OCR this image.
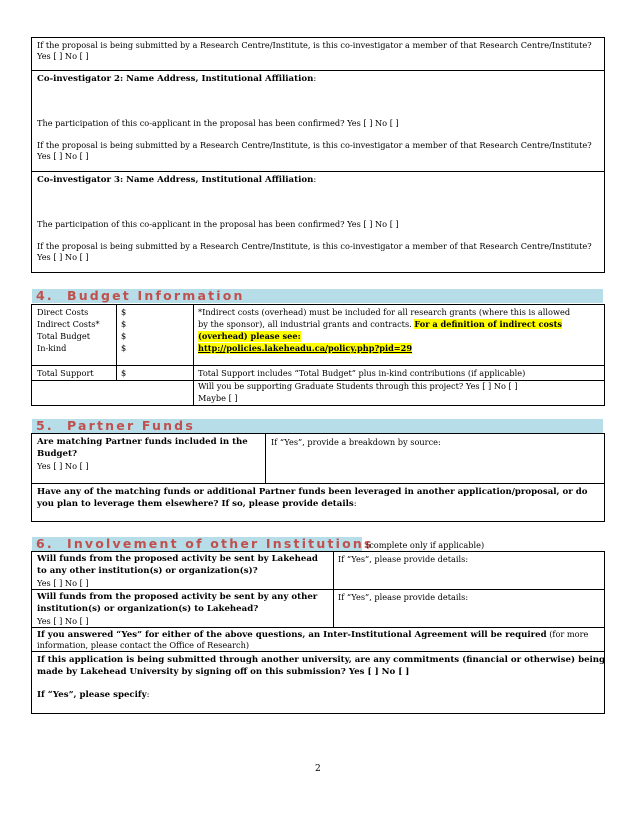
If the proposal is being submitted by a Research Centre/Institute, is this co-investigator a member of that Research Centre/Institute?
Yes [ ] No [ ]
Co-investigator 2: Name Address, Institutional Affiliation:
The participation of this co-applicant in the proposal has been confirmed? Yes [ ] No [ ]
If the proposal is being submitted by a Research Centre/Institute, is this co-investigator a member of that Research Centre/Institute?
Yes [ ] No [ ]
Co-investigator 3: Name Address, Institutional Affiliation:
The participation of this co-applicant in the proposal has been confirmed? Yes [ ] No [ ]
If the proposal is being submitted by a Research Centre/Institute, is this co-investigator a member of that Research Centre/Institute?
Yes [ ] No [ ]
4. Budget Information
Direct Costs
Indirect Costs*
Total Budget
In-kind
$
$
$
$
*Indirect costs (overhead) must be included for all research grants (where this is allowed
by the sponsor), all industrial grants and contracts. For a definition of indirect costs
(overhead) please see:
http://policies.lakeheadu.ca/policy.php?pid=29
Total Support	$	Total Support includes “Total Budget” plus in-kind contributions (if applicable)
Will you be supporting Graduate Students through this project? Yes [ ] No [ ]
Maybe [ ]
5. Partner Funds
Are matching Partner funds included in the
Budget?
Yes [ ] No [ ]
If “Yes”, provide a breakdown by source:
Have any of the matching funds or additional Partner funds been leveraged in another application/proposal, or do
you plan to leverage them elsewhere? If so, please provide details:
6. Involvement of other Institutions
(complete only if applicable)
Will funds from the proposed activity be sent by Lakehead
to any other institution(s) or organization(s)?
Yes [ ] No [ ]
If “Yes”, please provide details:
Will funds from the proposed activity be sent by any other
institution(s) or organization(s) to Lakehead?
Yes [ ] No [ ]
If “Yes”, please provide details:
If you answered “Yes” for either of the above questions, an Inter-Institutional Agreement will be required (for more
information, please contact the Office of Research)
If this application is being submitted through another university, are any commitments (financial or otherwise) being
made by Lakehead University by signing off on this submission? Yes [ ] No [ ]
If “Yes”, please specify:
2
